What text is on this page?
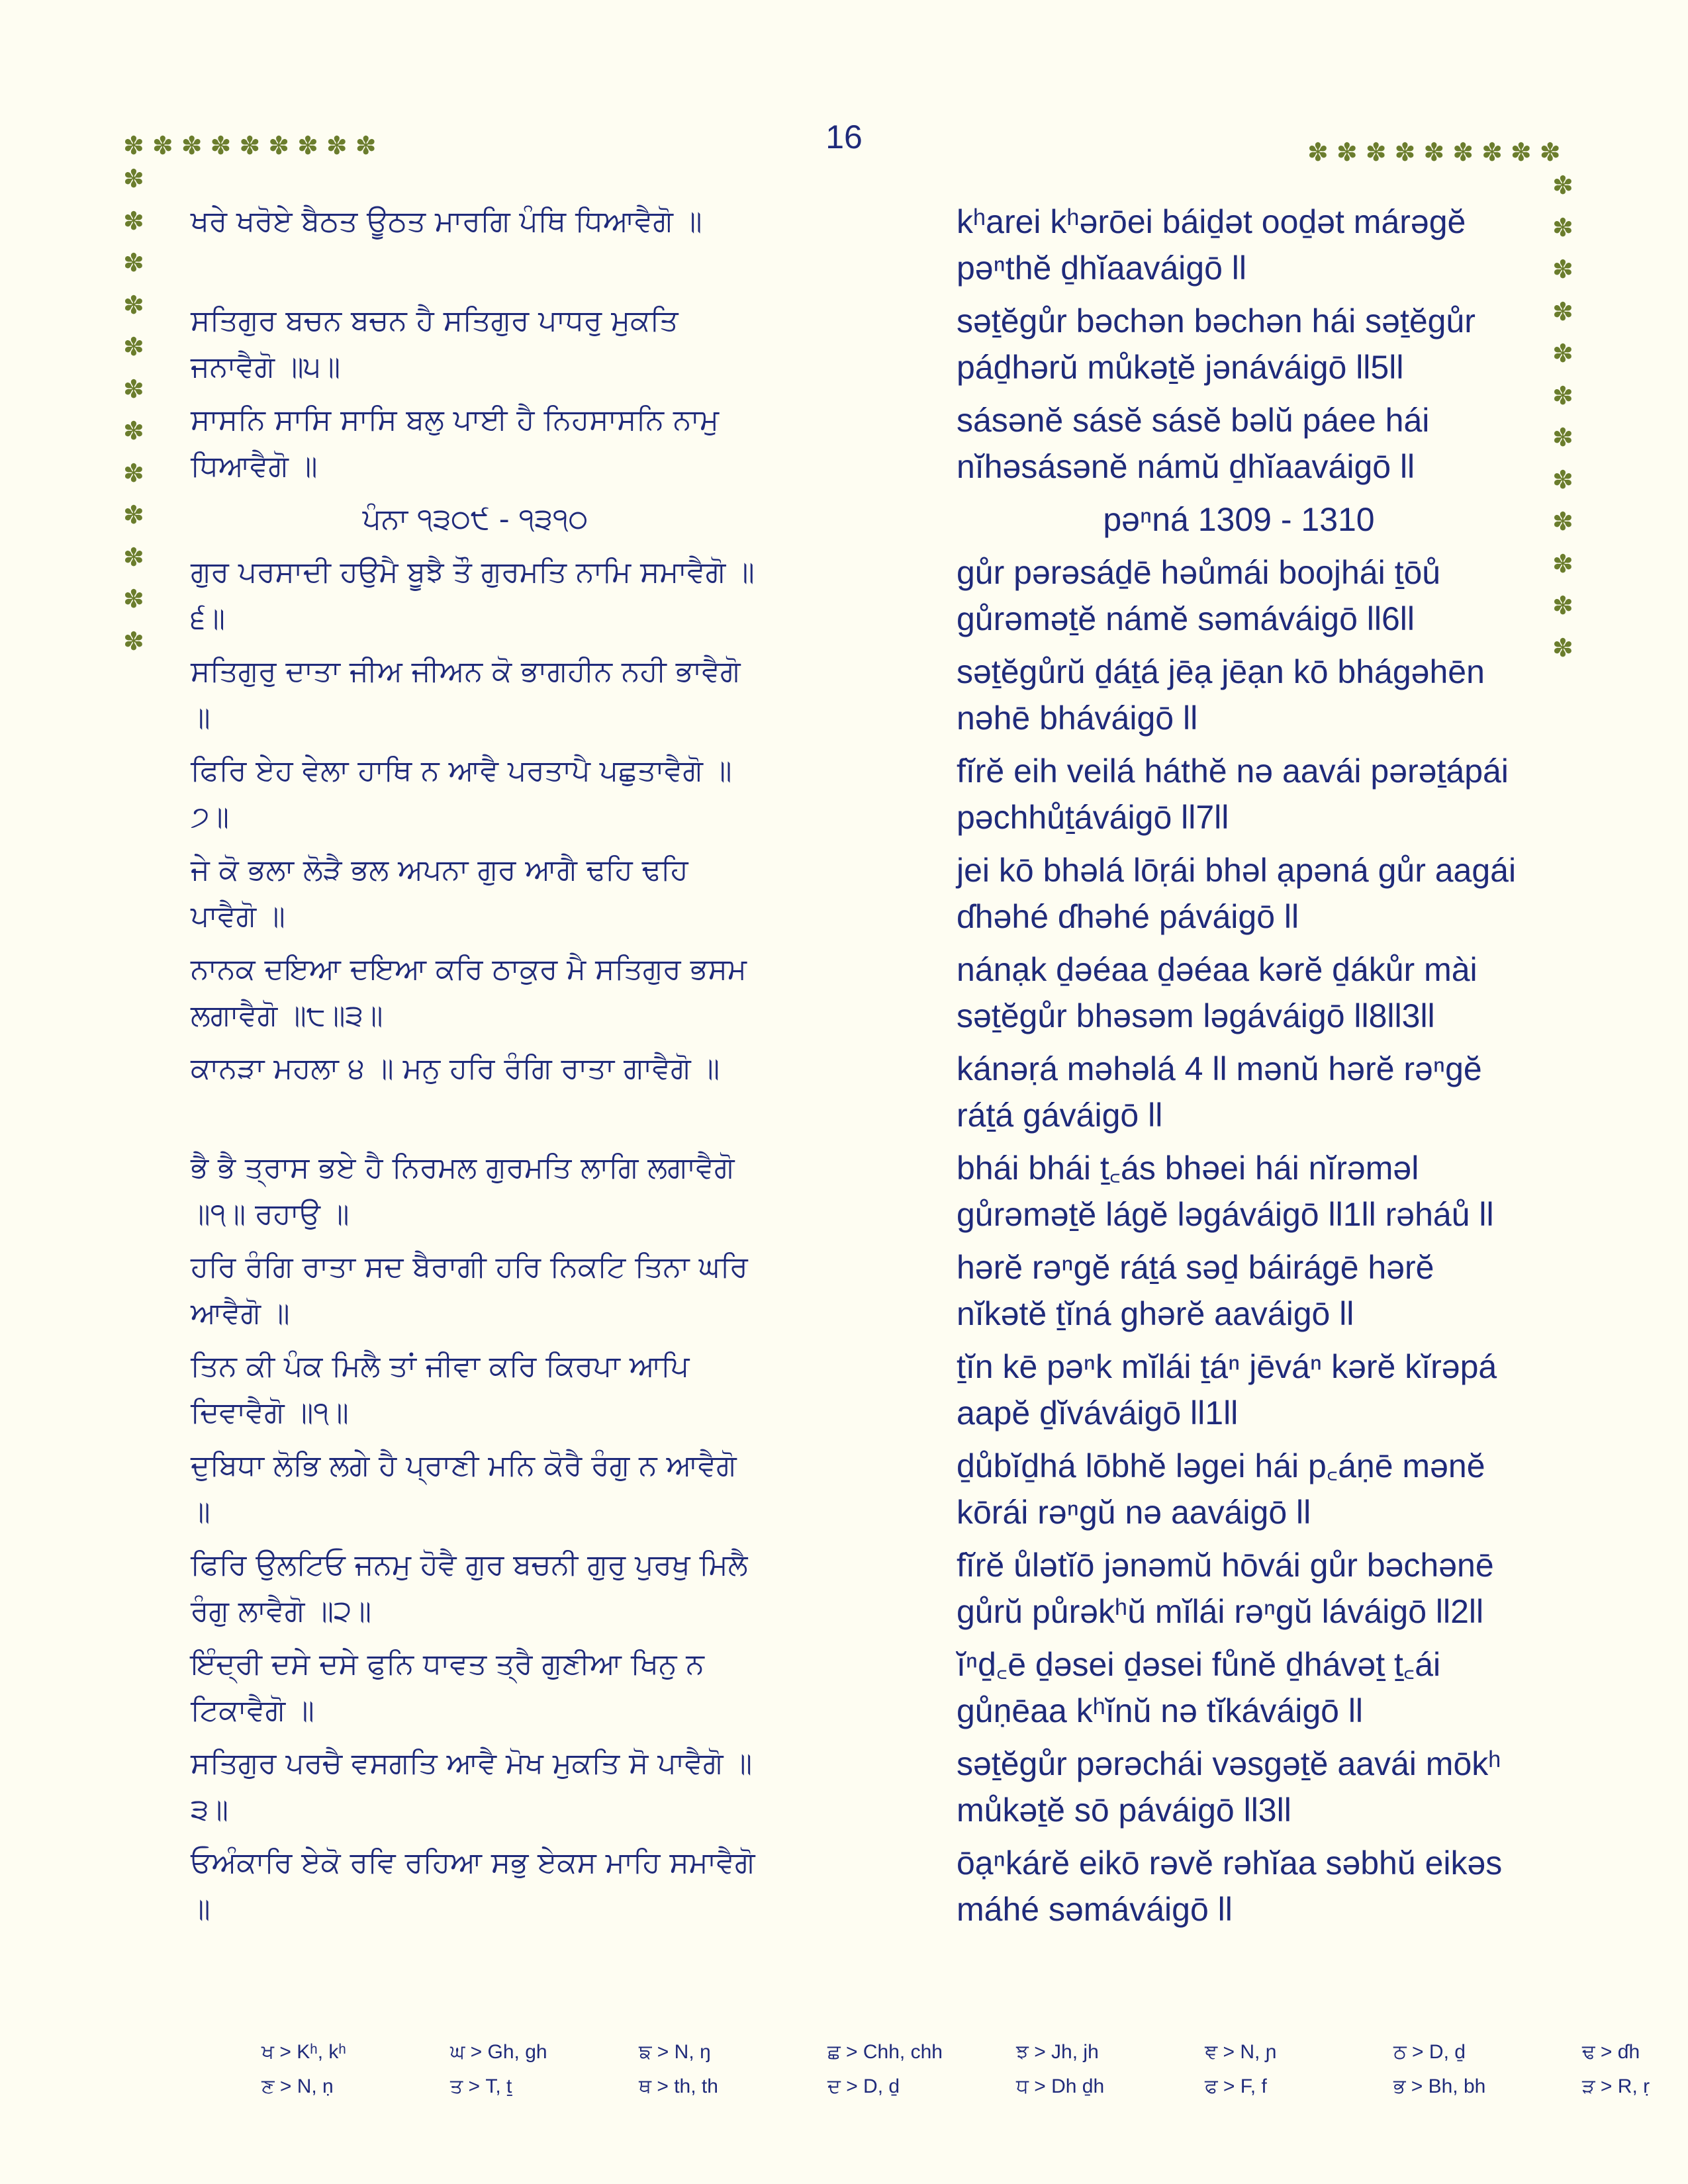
16
✽ ✽ ✽ ✽ ✽ ✽ ✽ ✽ ✽	✽ ✽ ✽ ✽ ✽ ✽ ✽ ✽ ✽
✽
✽
✽
✽
✽
✽
✽
✽
✽
✽
✽
✽
✽
✽
✽
✽
✽
✽
✽
✽
✽
✽
✽
✽
ਖਰੇ ਖਰੋਏ ਬੈਠਤ ਊਠਤ ਮਾਰਗਿ ਪੰਥਿ ਧਿਆਵੈਗੋ ॥	kʰarei kʰərōei báiḏət ooḏət márəgĕ pəⁿthĕ ḏhĭaaváigō ll
ਸਤਿਗੁਰ ਬਚਨ ਬਚਨ ਹੈ ਸਤਿਗੁਰ ਪਾਧਰੁ ਮੁਕਤਿ ਜਨਾਵੈਗੋ ॥੫॥
səṯĕgůr bəchən bəchən hái səṯĕgůr páḏhərŭ můkəṯĕ jənáváigō ll5ll
ਸਾਸਨਿ ਸਾਸਿ ਸਾਸਿ ਬਲੁ ਪਾਈ ਹੈ ਨਿਹਸਾਸਨਿ ਨਾਮੁ ਧਿਆਵੈਗੋ ॥
sásənĕ sásĕ sásĕ bəlŭ páee hái nĭhəsásənĕ námŭ ḏhĭaaváigō ll
ਪੰਨਾ ੧੩੦੯ - ੧੩੧੦	pəⁿná 1309 - 1310
ਗੁਰ ਪਰਸਾਦੀ ਹਉਮੈ ਬੂਝੈ ਤੌ ਗੁਰਮਤਿ ਨਾਮਿ ਸਮਾਵੈਗੋ ॥੬॥
gůr pərəsáḏē həůmái boojhái ṯōů gůrəməṯĕ námĕ səmáváigō ll6ll
ਸਤਿਗੁਰੁ ਦਾਤਾ ਜੀਅ ਜੀਅਨ ਕੋ ਭਾਗਹੀਨ ਨਹੀ ਭਾਵੈਗੋ ॥
səṯĕgůrŭ ḏáṯá jēạ jēạn kō bhágəhēn nəhē bháváigō ll
ਫਿਰਿ ਏਹ ਵੇਲਾ ਹਾਥਿ ਨ ਆਵੈ ਪਰਤਾਪੈ ਪਛੁਤਾਵੈਗੋ ॥੭॥
fĭrĕ eih veilá háthĕ nə aavái pərəṯápái pəchhůṯáváigō ll7ll
ਜੇ ਕੋ ਭਲਾ ਲੋੜੈ ਭਲ ਅਪਨਾ ਗੁਰ ਆਗੈ ਢਹਿ ਢਹਿ ਪਾਵੈਗੋ ॥
jei kō bhəlá lōṛái bhəl ạpəná gůr aagái ɗhəhé ɗhəhé páváigō ll
ਨਾਨਕ ਦਇਆ ਦਇਆ ਕਰਿ ਠਾਕੁਰ ਮੈ ਸਤਿਗੁਰ ਭਸਮ ਲਗਾਵੈਗੋ ॥੮॥੩॥
nánạk ḏəéaa ḏəéaa kərĕ ḏákůr mài səṯĕgůr bhəsəm ləgáváigō ll8ll3ll
ਕਾਨੜਾ ਮਹਲਾ ੪ ॥ ਮਨੁ ਹਰਿ ਰੰਗਿ ਰਾਤਾ ਗਾਵੈਗੋ ॥	kánəṛá məhəlá 4 ll mənŭ hərĕ rəⁿgĕ ráṯá gáváigō ll
ਭੈ ਭੈ ਤ੍ਰਾਸ ਭਏ ਹੈ ਨਿਰਮਲ ਗੁਰਮਤਿ ਲਾਗਿ ਲਗਾਵੈਗੋ ॥੧॥ ਰਹਾਉ ॥
bhái bhái ṯ꜀ás bhəei hái nĭrəməl gůrəməṯĕ lágĕ ləgáváigō ll1ll rəháů ll
ਹਰਿ ਰੰਗਿ ਰਾਤਾ ਸਦ ਬੈਰਾਗੀ ਹਰਿ ਨਿਕਟਿ ਤਿਨਾ ਘਰਿ ਆਵੈਗੋ ॥
hərĕ rəⁿgĕ ráṯá səḏ báirágē hərĕ nĭkətĕ ṯĭná ghərĕ aaváigō ll
ਤਿਨ ਕੀ ਪੰਕ ਮਿਲੈ ਤਾਂ ਜੀਵਾ ਕਰਿ ਕਿਰਪਾ ਆਪਿ ਦਿਵਾਵੈਗੋ ॥੧॥
ṯĭn kē pəⁿk mĭlái ṯáⁿ jēváⁿ kərĕ kĭrəpá aapĕ ḏĭváváigō ll1ll
ਦੁਬਿਧਾ ਲੋਭਿ ਲਗੇ ਹੈ ਪ੍ਰਾਣੀ ਮਨਿ ਕੋਰੈ ਰੰਗੁ ਨ ਆਵੈਗੋ ॥
ḏůbĭḏhá lōbhĕ ləgei hái p꜀áṇē mənĕ kōrái rəⁿgŭ nə aaváigō ll
ਫਿਰਿ ਉਲਟਿਓ ਜਨਮੁ ਹੋਵੈ ਗੁਰ ਬਚਨੀ ਗੁਰੁ ਪੁਰਖੁ ਮਿਲੈ ਰੰਗੁ ਲਾਵੈਗੋ ॥੨॥
fĭrĕ ůlətĭō jənəmŭ hōvái gůr bəchənē gůrŭ půrəkʰŭ mĭlái rəⁿgŭ láváigō ll2ll
ਇੰਦ੍ਰੀ ਦਸੇ ਦਸੇ ਫੁਨਿ ਧਾਵਤ ਤ੍ਰੈ ਗੁਣੀਆ ਖਿਨੁ ਨ ਟਿਕਾਵੈਗੋ ॥
ĭⁿḏ꜀ē ḏəsei ḏəsei fůnĕ ḏhávəṯ ṯ꜀ái gůṇēaa kʰĭnŭ nə tĭkáváigō ll
ਸਤਿਗੁਰ ਪਰਚੈ ਵਸਗਤਿ ਆਵੈ ਮੋਖ ਮੁਕਤਿ ਸੋ ਪਾਵੈਗੋ ॥੩॥
səṯĕgůr pərəchái vəsgəṯĕ aavái mōkʰ můkəṯĕ sō páváigō ll3ll
ਓਅੰਕਾਰਿ ਏਕੋ ਰਵਿ ਰਹਿਆ ਸਭੁ ਏਕਸ ਮਾਹਿ ਸਮਾਵੈਗੋ ॥
ōạⁿkárĕ eikō rəvĕ rəhĭaa səbhŭ eikəs máhé səmáváigō ll
ਖ > Kʰ, kʰ	ਘ > Gh, gh	ਙ > N, ŋ	ਛ > Chh, chh	ਝ > Jh, jh	ਞ > N, ɲ	ਠ > D, ḏ	ਢ > ɗh
ਣ > N, ṇ	ਤ > T, ṯ	ਥ > th, th	ਦ > D, ḏ	ਧ > Dh ḏh	ਫ > F, f	ਭ > Bh, bh	ੜ > R, ṛ
